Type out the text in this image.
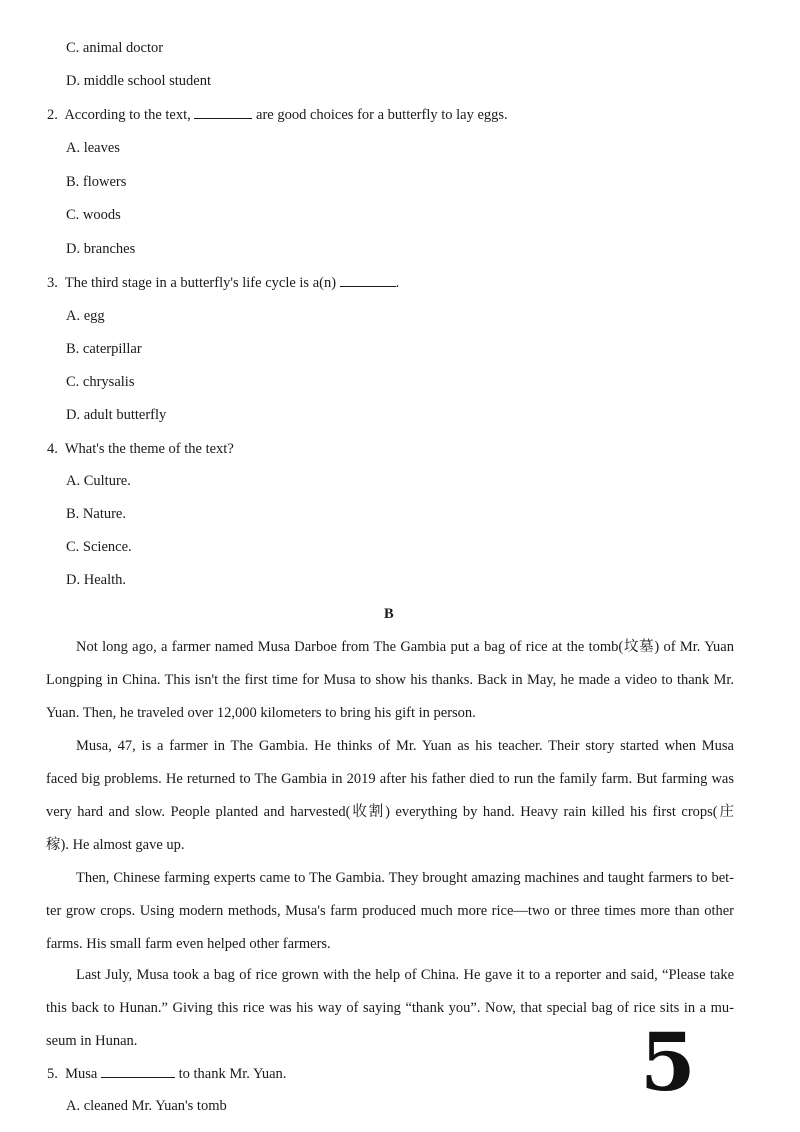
C. animal doctor
D. middle school student
2. According to the text,	are good choices for a butterfly to lay eggs.
A. leaves
B. flowers
C. woods
D. branches
3. The third stage in a butterfly's life cycle is a(n)	.
A. egg
B. caterpillar
C. chrysalis
D. adult butterfly
4. What's the theme of the text?
A. Culture.
B. Nature.
C. Science.
D. Health.
B
Not long ago, a farmer named Musa Darboe from The Gambia put a bag of rice at the tomb(坟墓) of Mr. Yuan
Longping in China. This isn't the first time for Musa to show his thanks. Back in May, he made a video to thank Mr.
Yuan. Then, he traveled over 12,000 kilometers to bring his gift in person.
Musa, 47, is a farmer in The Gambia. He thinks of Mr. Yuan as his teacher. Their story started when Musa
faced big problems. He returned to The Gambia in 2019 after his father died to run the family farm. But farming was
very hard and slow. People planted and harvested(收割) everything by hand. Heavy rain killed his first crops(庄
稼). He almost gave up.
Then, Chinese farming experts came to The Gambia. They brought amazing machines and taught farmers to bet-
ter grow crops. Using modern methods, Musa's farm produced much more rice—two or three times more than other
farms. His small farm even helped other farmers.
Last July, Musa took a bag of rice grown with the help of China. He gave it to a reporter and said, “Please take
this back to Hunan.” Giving this rice was his way of saying “thank you”. Now, that special bag of rice sits in a mu-
seum in Hunan.
5. Musa	to thank Mr. Yuan.
A. cleaned Mr. Yuan's tomb	5
